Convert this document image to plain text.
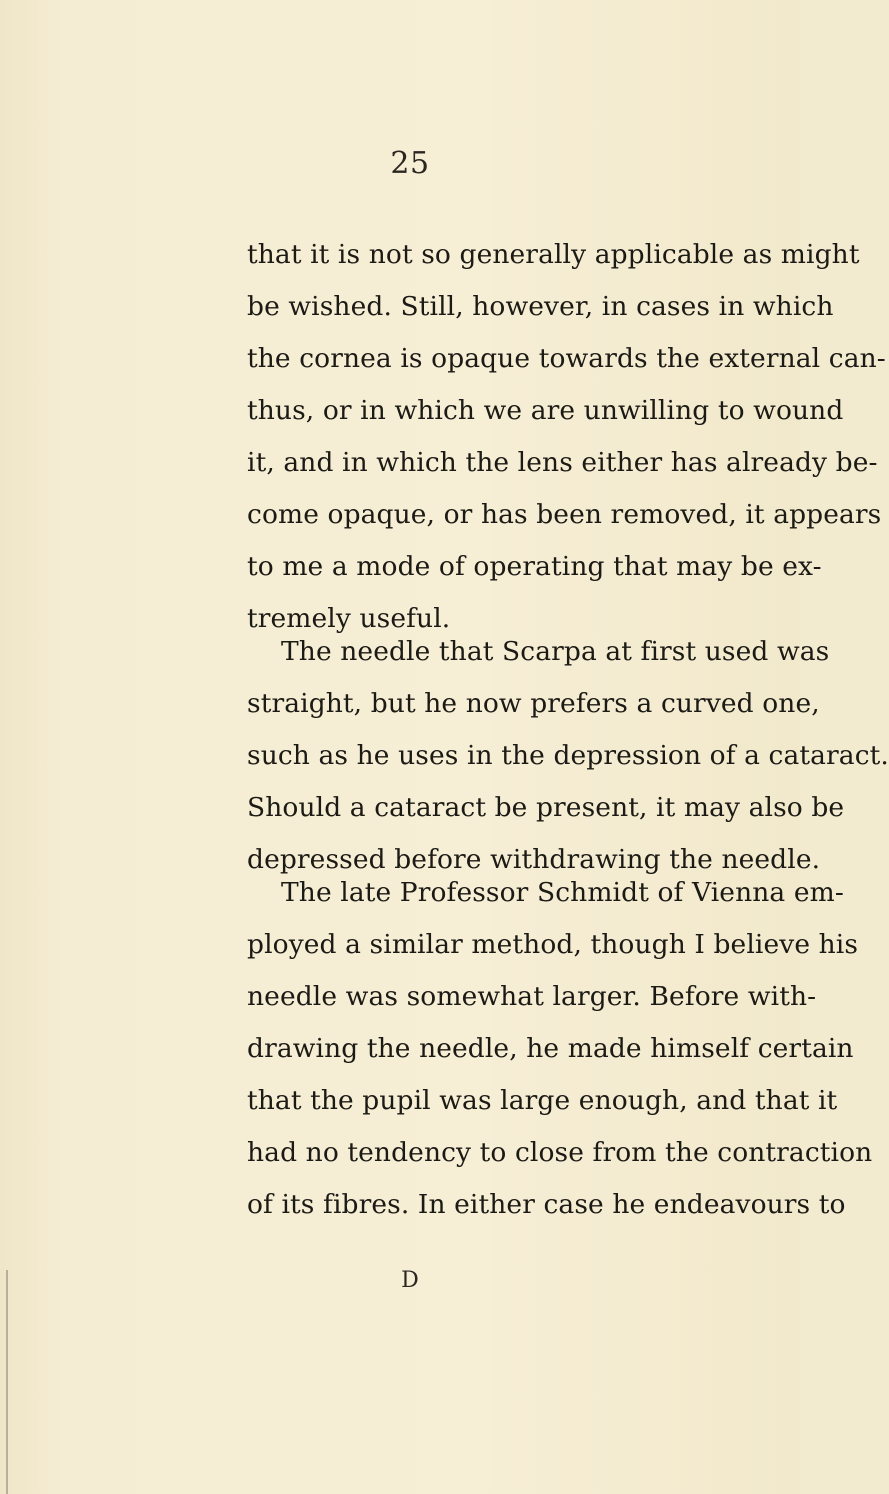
25
that it is not so generally applicable as might
be wished. Still, however, in cases in which
the cornea is opaque towards the external can-
thus, or in which we are unwilling to wound
it, and in which the lens either has already be-
come opaque, or has been removed, it appears
to me a mode of operating that may be ex-
tremely useful.
The needle that Scarpa at first used was
straight, but he now prefers a curved one,
such as he uses in the depression of a cataract.
Should a cataract be present, it may also be
depressed before withdrawing the needle.
The late Professor Schmidt of Vienna em-
ployed a similar method, though I believe his
needle was somewhat larger. Before with-
drawing the needle, he made himself certain
that the pupil was large enough, and that it
had no tendency to close from the contraction
of its fibres. In either case he endeavours to
D
